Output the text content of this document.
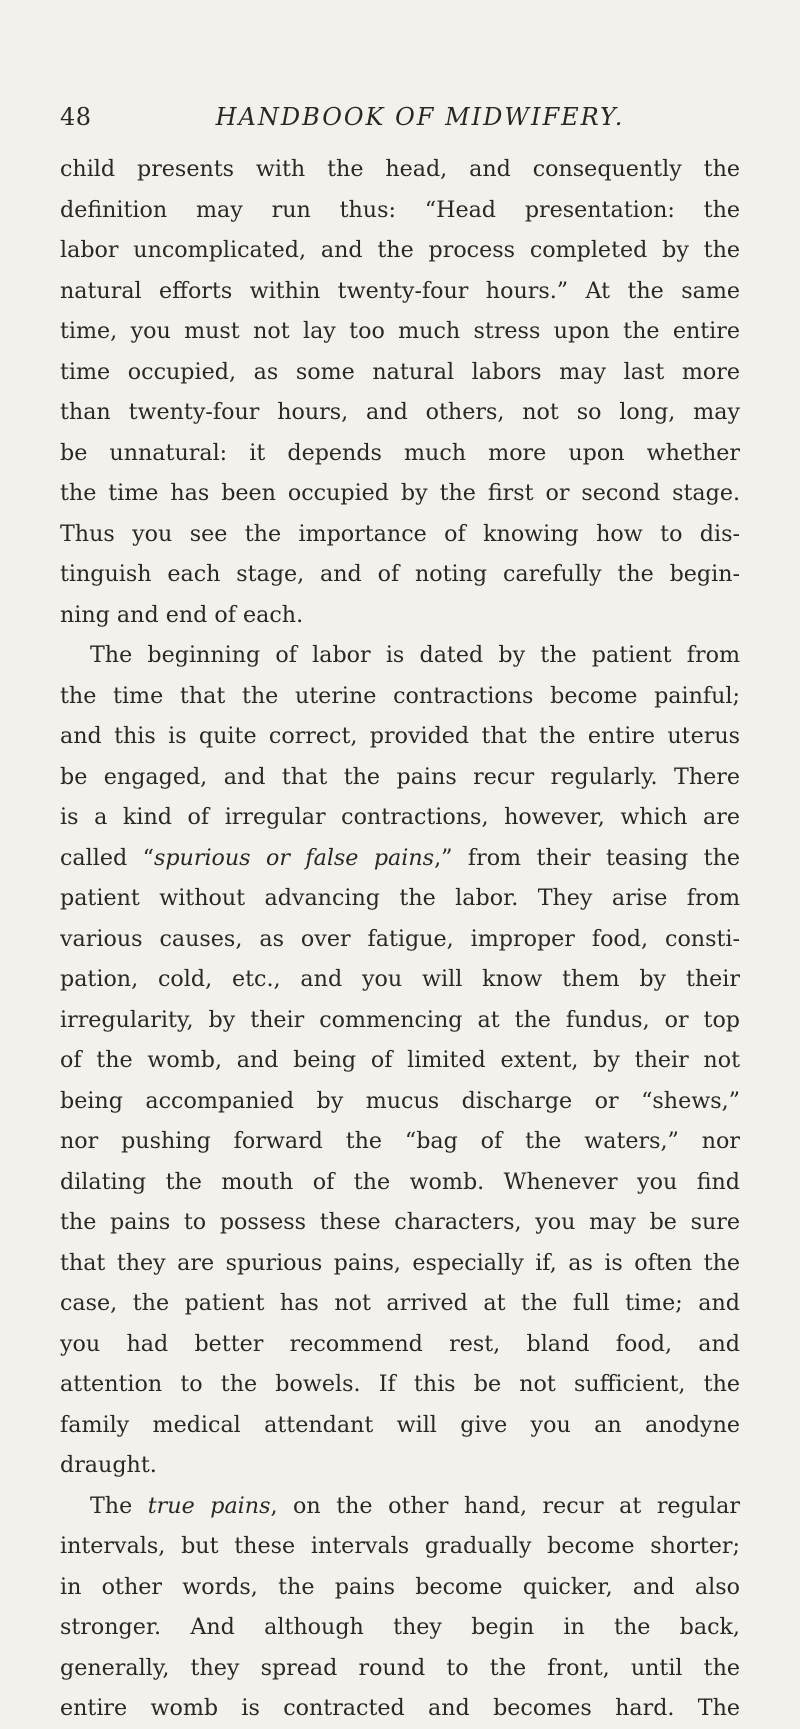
48	HANDBOOK OF MIDWIFERY.
child presents with the head, and consequently the
definition may run thus: “Head presentation: the
labor uncomplicated, and the process completed by the
natural efforts within twenty-four hours.” At the same
time, you must not lay too much stress upon the entire
time occupied, as some natural labors may last more
than twenty-four hours, and others, not so long, may
be unnatural: it depends much more upon whether
the time has been occupied by the first or second stage.
Thus you see the importance of knowing how to dis-
tinguish each stage, and of noting carefully the begin-
ning and end of each.
The beginning of labor is dated by the patient from
the time that the uterine contractions become painful;
and this is quite correct, provided that the entire uterus
be engaged, and that the pains recur regularly. There
is a kind of irregular contractions, however, which are
called “spurious or false pains,” from their teasing the
patient without advancing the labor. They arise from
various causes, as over fatigue, improper food, consti-
pation, cold, etc., and you will know them by their
irregularity, by their commencing at the fundus, or top
of the womb, and being of limited extent, by their not
being accompanied by mucus discharge or “shews,”
nor pushing forward the “bag of the waters,” nor
dilating the mouth of the womb. Whenever you find
the pains to possess these characters, you may be sure
that they are spurious pains, especially if, as is often the
case, the patient has not arrived at the full time; and
you had better recommend rest, bland food, and
attention to the bowels. If this be not sufficient, the
family medical attendant will give you an anodyne
draught.
The true pains, on the other hand, recur at regular
intervals, but these intervals gradually become shorter;
in other words, the pains become quicker, and also
stronger. And although they begin in the back,
generally, they spread round to the front, until the
entire womb is contracted and becomes hard. The
